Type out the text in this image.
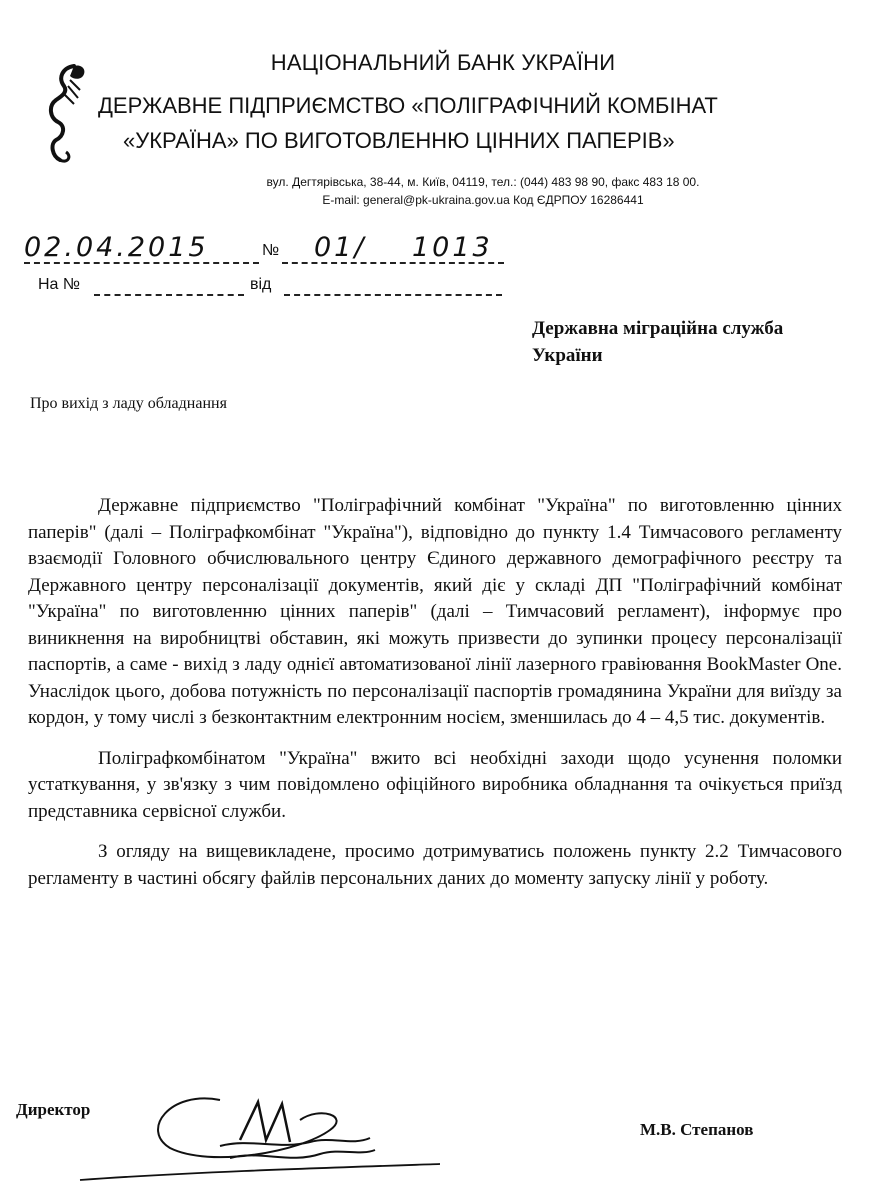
НАЦІОНАЛЬНИЙ БАНК УКРАЇНИ
ДЕРЖАВНЕ ПІДПРИЄМСТВО «ПОЛІГРАФІЧНИЙ КОМБІНАТ
«УКРАЇНА» ПО ВИГОТОВЛЕННЮ ЦІННИХ ПАПЕРІВ»
вул. Дегтярівська, 38-44, м. Київ, 04119, тел.: (044) 483 98 90, факс 483 18 00.
E-mail: general@pk-ukraina.gov.ua Код ЄДРПОУ 16286441
02.04.2015	№ 01/ 1013
На №	від
Державна міграційна служба
України
Про вихід з ладу обладнання

Державне підприємство "Поліграфічний комбінат "Україна" по виготовленню цінних паперів" (далі – Поліграфкомбінат "Україна"), відповідно до пункту 1.4 Тимчасового регламенту взаємодії Головного обчислювального центру Єдиного державного демографічного реєстру та Державного центру персоналізації документів, який діє у складі ДП "Поліграфічний комбінат "Україна" по виготовленню цінних паперів" (далі – Тимчасовий регламент), інформує про виникнення на виробництві обставин, які можуть призвести до зупинки процесу персоналізації паспортів, а саме - вихід з ладу однієї автоматизованої лінії лазерного гравіювання BookMaster One. Унаслідок цього, добова потужність по персоналізації паспортів громадянина України для виїзду за кордон, у тому числі з безконтактним електронним носієм, зменшилась до 4 – 4,5 тис. документів.

Поліграфкомбінатом "Україна" вжито всі необхідні заходи щодо усунення поломки устаткування, у зв'язку з чим повідомлено офіційного виробника обладнання та очікується приїзд представника сервісної служби.

З огляду на вищевикладене, просимо дотримуватись положень пункту 2.2 Тимчасового регламенту в частині обсягу файлів персональних даних до моменту запуску лінії у роботу.

Директор
М.В. Степанов
